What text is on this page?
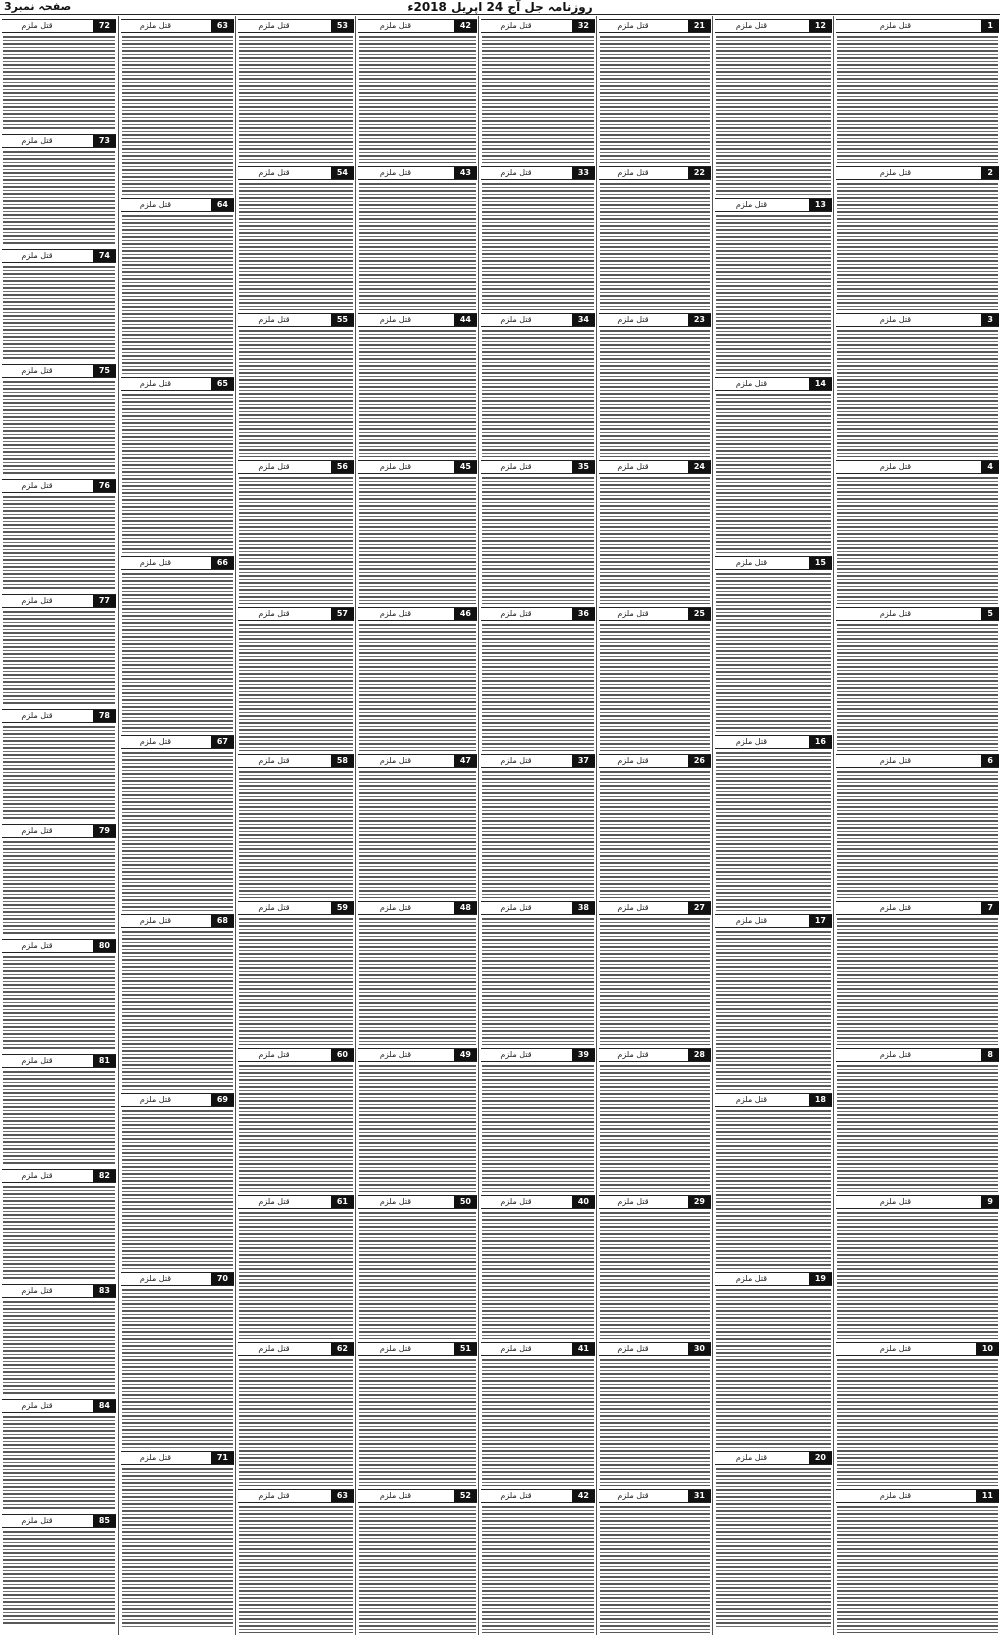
صفحہ نمبر3	روزنامہ جل آج 24 اپریل 2018ء
قتل ملزم	72
قتل ملزم	73
قتل ملزم	74
قتل ملزم	75
قتل ملزم	76
قتل ملزم	77
قتل ملزم	78
قتل ملزم	79
قتل ملزم	80
قتل ملزم	81
قتل ملزم	82
قتل ملزم	83
قتل ملزم	84
قتل ملزم	85
قتل ملزم	63
قتل ملزم	64
قتل ملزم	65
قتل ملزم	66
قتل ملزم	67
قتل ملزم	68
قتل ملزم	69
قتل ملزم	70
قتل ملزم	71
قتل ملزم	53
قتل ملزم	54
قتل ملزم	55
قتل ملزم	56
قتل ملزم	57
قتل ملزم	58
قتل ملزم	59
قتل ملزم	60
قتل ملزم	61
قتل ملزم	62
قتل ملزم	63
قتل ملزم	42
قتل ملزم	43
قتل ملزم	44
قتل ملزم	45
قتل ملزم	46
قتل ملزم	47
قتل ملزم	48
قتل ملزم	49
قتل ملزم	50
قتل ملزم	51
قتل ملزم	52
قتل ملزم	32
قتل ملزم	33
قتل ملزم	34
قتل ملزم	35
قتل ملزم	36
قتل ملزم	37
قتل ملزم	38
قتل ملزم	39
قتل ملزم	40
قتل ملزم	41
قتل ملزم	42
قتل ملزم	21
قتل ملزم	22
قتل ملزم	23
قتل ملزم	24
قتل ملزم	25
قتل ملزم	26
قتل ملزم	27
قتل ملزم	28
قتل ملزم	29
قتل ملزم	30
قتل ملزم	31
قتل ملزم	12
قتل ملزم	13
قتل ملزم	14
قتل ملزم	15
قتل ملزم	16
قتل ملزم	17
قتل ملزم	18
قتل ملزم	19
قتل ملزم	20
قتل ملزم	1
قتل ملزم	2
قتل ملزم	3
قتل ملزم	4
قتل ملزم	5
قتل ملزم	6
قتل ملزم	7
قتل ملزم	8
قتل ملزم	9
قتل ملزم	10
قتل ملزم	11
